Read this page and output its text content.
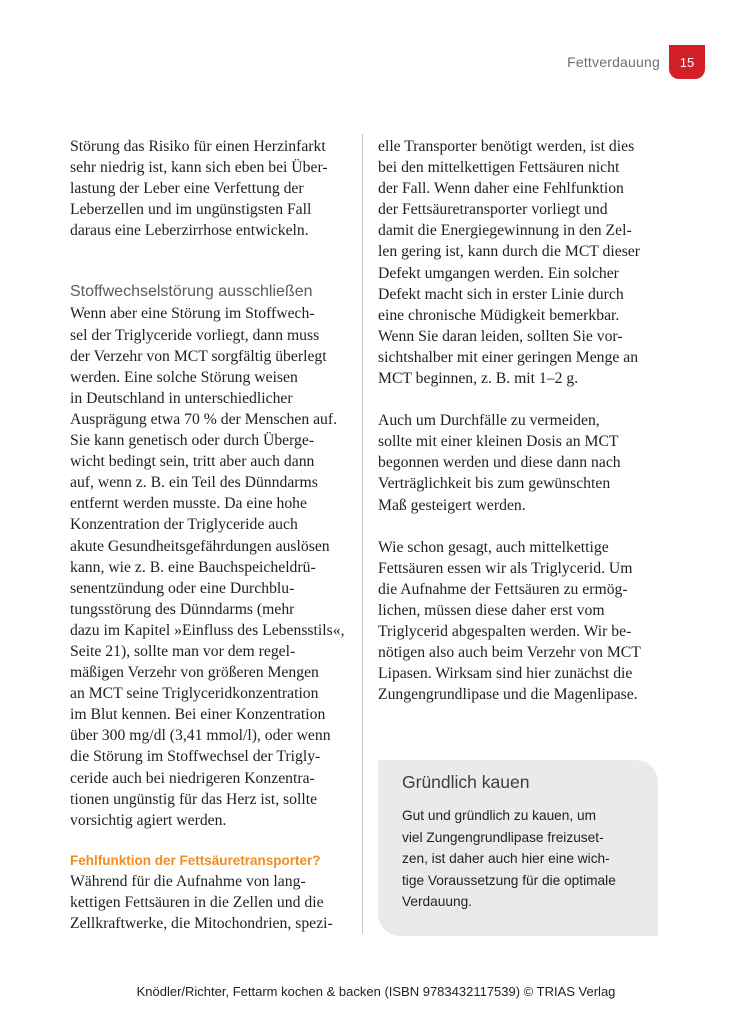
Fettverdauung 15

Störung das Risiko für einen Herzinfarkt
sehr niedrig ist, kann sich eben bei Über-
lastung der Leber eine Verfettung der
Leberzellen und im ungünstigsten Fall
daraus eine Leberzirrhose entwickeln.

Stoffwechselstörung ausschließen

Wenn aber eine Störung im Stoffwech-
sel der Triglyceride vorliegt, dann muss
der Verzehr von MCT sorgfältig überlegt
werden. Eine solche Störung weisen
in Deutschland in unterschiedlicher
Ausprägung etwa 70 % der Menschen auf.
Sie kann genetisch oder durch Überge-
wicht bedingt sein, tritt aber auch dann
auf, wenn z. B. ein Teil des Dünndarms
entfernt werden musste. Da eine hohe
Konzentration der Triglyceride auch
akute Gesundheitsgefährdungen auslösen
kann, wie z. B. eine Bauchspeicheldrü-
senentzündung oder eine Durchblu-
tungsstörung des Dünndarms (mehr
dazu im Kapitel »Einfluss des Lebensstils«,
Seite 21), sollte man vor dem regel-
mäßigen Verzehr von größeren Mengen
an MCT seine Triglyceridkonzentration
im Blut kennen. Bei einer Konzentration
über 300 mg/dl (3,41 mmol/l), oder wenn
die Störung im Stoffwechsel der Trigly-
ceride auch bei niedrigeren Konzentra-
tionen ungünstig für das Herz ist, sollte
vorsichtig agiert werden.

Fehlfunktion der Fettsäuretransporter?

Während für die Aufnahme von lang-
kettigen Fettsäuren in die Zellen und die
Zellkraftwerke, die Mitochondrien, spezi-

elle Transporter benötigt werden, ist dies
bei den mittelkettigen Fettsäuren nicht
der Fall. Wenn daher eine Fehlfunktion
der Fettsäuretransporter vorliegt und
damit die Energiegewinnung in den Zel-
len gering ist, kann durch die MCT dieser
Defekt umgangen werden. Ein solcher
Defekt macht sich in erster Linie durch
eine chronische Müdigkeit bemerkbar.
Wenn Sie daran leiden, sollten Sie vor-
sichtshalber mit einer geringen Menge an
MCT beginnen, z. B. mit 1–2 g.

Auch um Durchfälle zu vermeiden,
sollte mit einer kleinen Dosis an MCT
begonnen werden und diese dann nach
Verträglichkeit bis zum gewünschten
Maß gesteigert werden.

Wie schon gesagt, auch mittelkettige
Fettsäuren essen wir als Triglycerid. Um
die Aufnahme der Fettsäuren zu ermög-
lichen, müssen diese daher erst vom
Triglycerid abgespalten werden. Wir be-
nötigen also auch beim Verzehr von MCT
Lipasen. Wirksam sind hier zunächst die
Zungengrundlipase und die Magenlipase.

Gründlich kauen
Gut und gründlich zu kauen, um
viel Zungengrundlipase freizuset-
zen, ist daher auch hier eine wich-
tige Voraussetzung für die optimale
Verdauung.
Knödler/Richter, Fettarm kochen & backen (ISBN 9783432117539) © TRIAS Verlag
